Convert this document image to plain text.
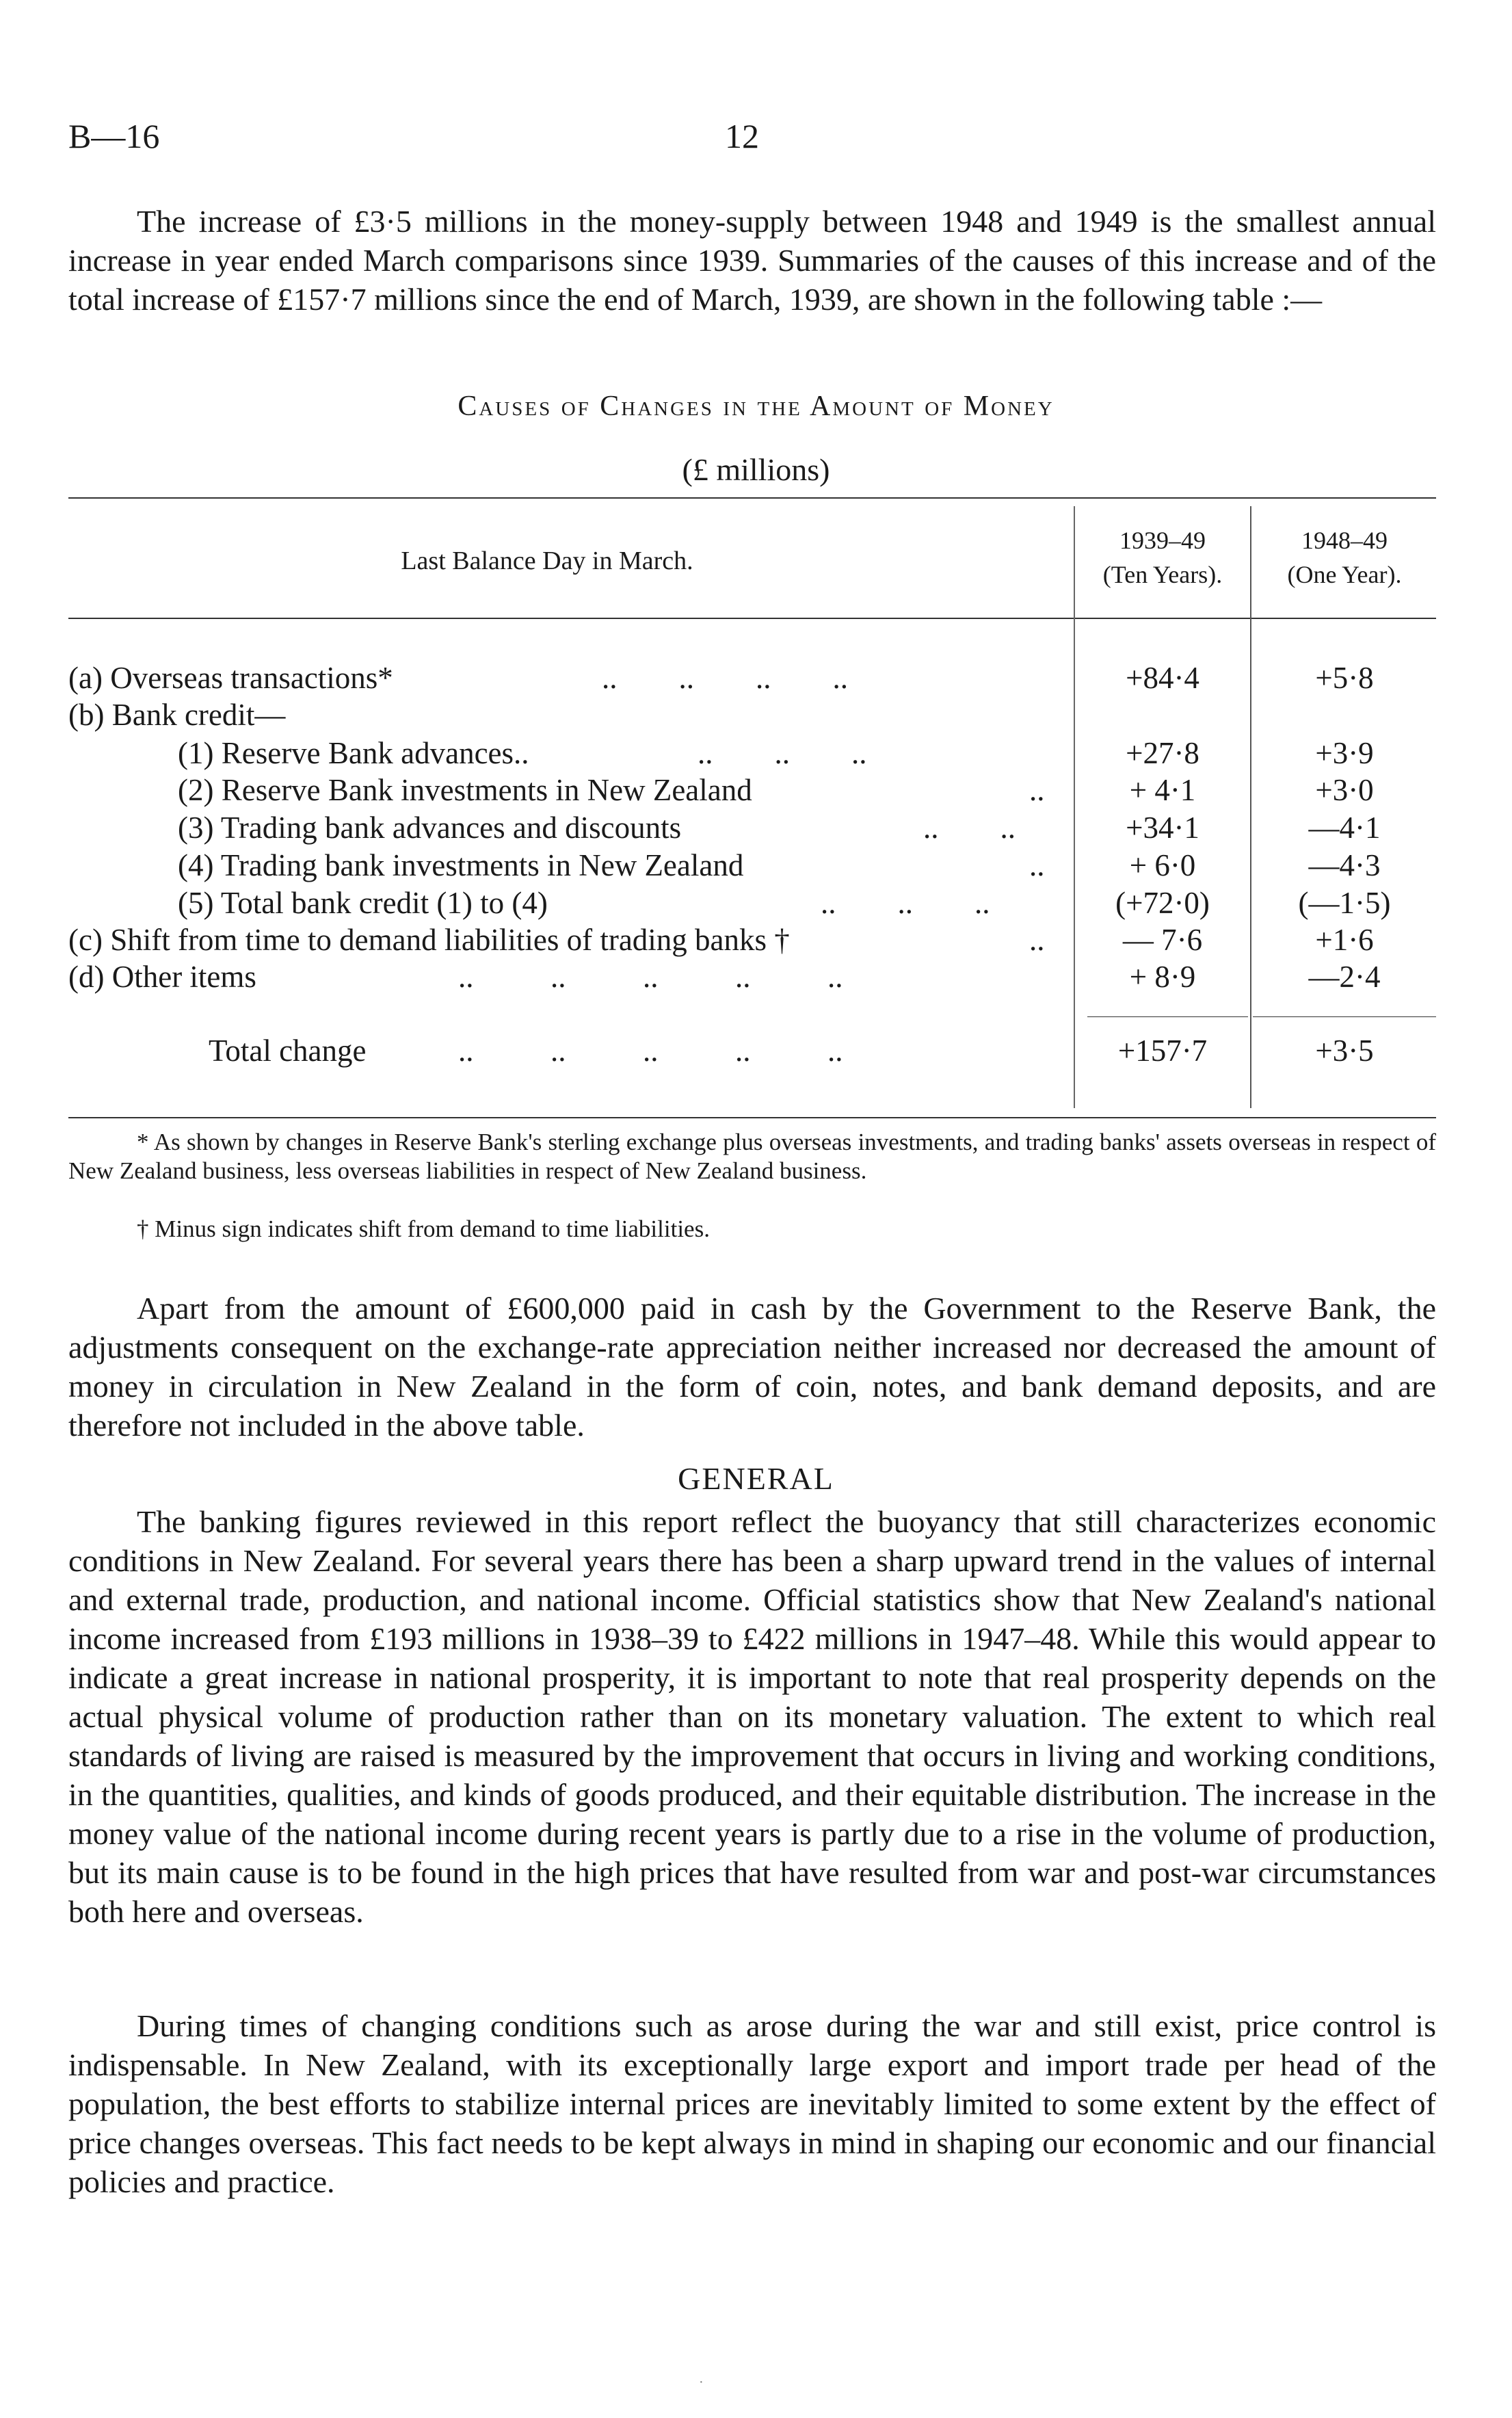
B—16	12
The increase of £3·5 millions in the money-supply between 1948 and 1949 is the smallest annual increase in year ended March comparisons since 1939. Summaries of the causes of this increase and of the total increase of £157·7 millions since the end of March, 1939, are shown in the following table :—
Causes of Changes in the Amount of Money
(£ millions)
Last Balance Day in March.
1939–49
(Ten Years).
1948–49
(One Year).
(a) Overseas transactions*	..        ..        ..        ..	+84·4	+5·8
(b) Bank credit—
(1) Reserve Bank advances..	..        ..        ..	+27·8	+3·9
(2) Reserve Bank investments in New Zealand	..	+ 4·1	+3·0
(3) Trading bank advances and discounts	..        ..	+34·1	—4·1
(4) Trading bank investments in New Zealand	..	+ 6·0	—4·3
(5) Total bank credit (1) to (4)	..        ..        ..	(+72·0)	(—1·5)
(c) Shift from time to demand liabilities of trading banks †	..	— 7·6	+1·6
(d) Other items	..          ..          ..          ..          ..	+ 8·9	—2·4
Total change	..          ..          ..          ..          ..	+157·7	+3·5
* As shown by changes in Reserve Bank's sterling exchange plus overseas investments, and trading banks' assets overseas in respect of New Zealand business, less overseas liabilities in respect of New Zealand business.
† Minus sign indicates shift from demand to time liabilities.
Apart from the amount of £600,000 paid in cash by the Government to the Reserve Bank, the adjustments consequent on the exchange-rate appreciation neither increased nor decreased the amount of money in circulation in New Zealand in the form of coin, notes, and bank demand deposits, and are therefore not included in the above table.
GENERAL
The banking figures reviewed in this report reflect the buoyancy that still characterizes economic conditions in New Zealand. For several years there has been a sharp upward trend in the values of internal and external trade, production, and national income. Official statistics show that New Zealand's national income increased from £193 millions in 1938–39 to £422 millions in 1947–48. While this would appear to indicate a great increase in national prosperity, it is important to note that real prosperity depends on the actual physical volume of production rather than on its monetary valuation. The extent to which real standards of living are raised is measured by the improvement that occurs in living and working conditions, in the quantities, qualities, and kinds of goods produced, and their equitable distribution. The increase in the money value of the national income during recent years is partly due to a rise in the volume of production, but its main cause is to be found in the high prices that have resulted from war and post-war circumstances both here and overseas.
During times of changing conditions such as arose during the war and still exist, price control is indispensable. In New Zealand, with its exceptionally large export and import trade per head of the population, the best efforts to stabilize internal prices are inevitably limited to some extent by the effect of price changes overseas. This fact needs to be kept always in mind in shaping our economic and our financial policies and practice.
·
